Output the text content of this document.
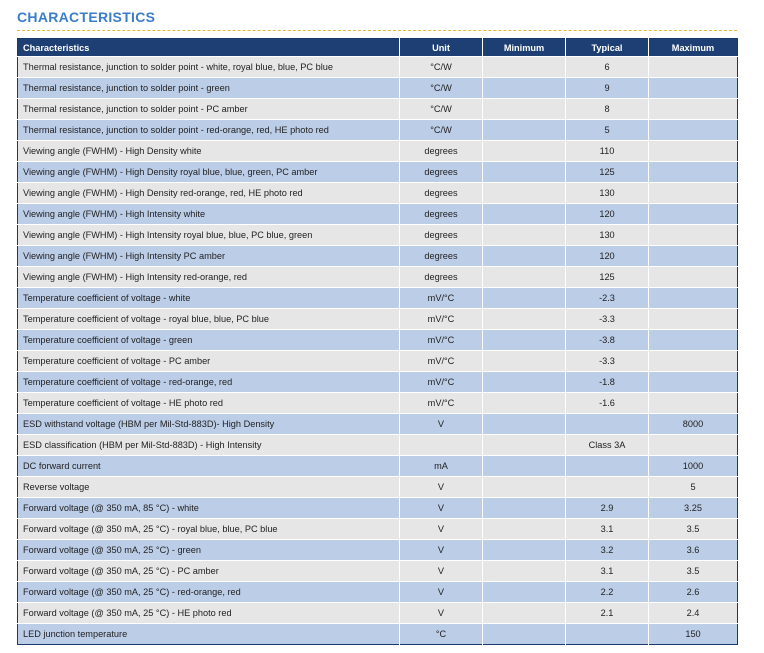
CHARACTERISTICS
Characteristics	Unit	Minimum	Typical	Maximum
Thermal resistance, junction to solder point - white, royal blue, blue, PC blue	°C/W		6	
Thermal resistance, junction to solder point - green	°C/W		9	
Thermal resistance, junction to solder point - PC amber	°C/W		8	
Thermal resistance, junction to solder point - red-orange, red, HE photo red	°C/W		5	
Viewing angle (FWHM) - High Density white	degrees		110	
Viewing angle (FWHM) - High Density royal blue, blue, green, PC amber	degrees		125	
Viewing angle (FWHM) - High Density red-orange, red, HE photo red	degrees		130	
Viewing angle (FWHM) - High Intensity white	degrees		120	
Viewing angle (FWHM) - High Intensity royal blue, blue, PC blue, green	degrees		130	
Viewing angle (FWHM) - High Intensity PC amber	degrees		120	
Viewing angle (FWHM) - High Intensity red-orange, red	degrees		125	
Temperature coefficient of voltage - white	mV/°C		-2.3	
Temperature coefficient of voltage - royal blue, blue, PC blue	mV/°C		-3.3	
Temperature coefficient of voltage - green	mV/°C		-3.8	
Temperature coefficient of voltage - PC amber	mV/°C		-3.3	
Temperature coefficient of voltage - red-orange, red	mV/°C		-1.8	
Temperature coefficient of voltage - HE photo red	mV/°C		-1.6	
ESD withstand voltage (HBM per Mil-Std-883D)- High Density	V			8000
ESD classification (HBM per Mil-Std-883D) - High Intensity			Class 3A	
DC forward current	mA			1000
Reverse voltage	V			5
Forward voltage (@ 350 mA, 85 °C) - white	V		2.9	3.25
Forward voltage (@ 350 mA, 25 °C) - royal blue, blue, PC blue	V		3.1	3.5
Forward voltage (@ 350 mA, 25 °C) - green	V		3.2	3.6
Forward voltage (@ 350 mA, 25 °C) - PC amber	V		3.1	3.5
Forward voltage (@ 350 mA, 25 °C) - red-orange, red	V		2.2	2.6
Forward voltage (@ 350 mA, 25 °C) - HE photo red	V		2.1	2.4
LED junction temperature	°C			150
